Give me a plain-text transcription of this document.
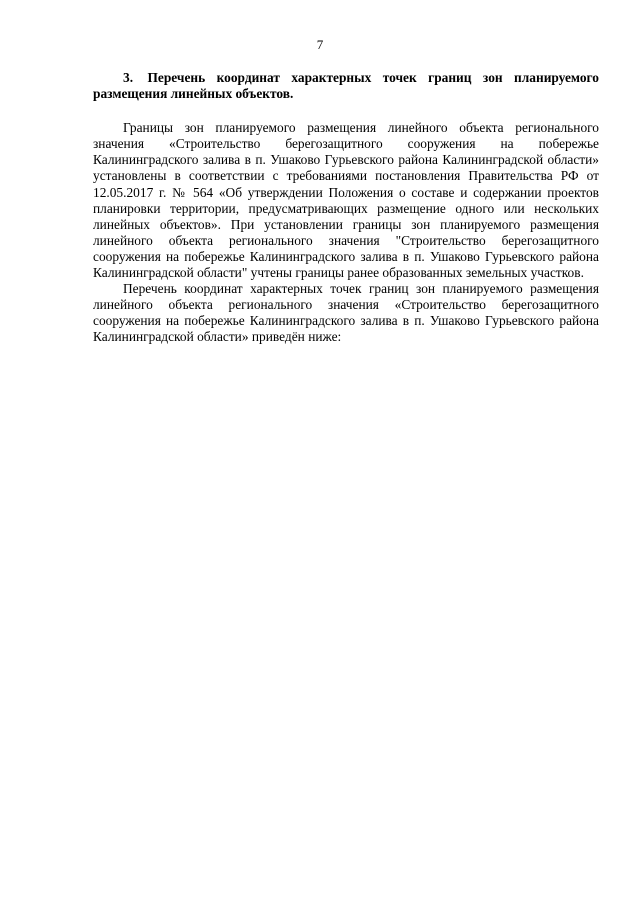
7

3. Перечень координат характерных точек границ зон планируемого размещения линейных объектов.

Границы зон планируемого размещения линейного объекта регионального значения «Строительство берегозащитного сооружения на побережье Калининградского залива в п. Ушаково Гурьевского района Калининградской области» установлены в соответствии с требованиями постановления Правительства РФ от 12.05.2017 г. № 564 «Об утверждении Положения о составе и содержании проектов планировки территории, предусматривающих размещение одного или нескольких линейных объектов». При установлении границы зон планируемого размещения линейного объекта регионального значения "Строительство берегозащитного сооружения на побережье Калининградского залива в п. Ушаково Гурьевского района Калининградской области" учтены границы ранее образованных земельных участков.

Перечень координат характерных точек границ зон планируемого размещения линейного объекта регионального значения «Строительство берегозащитного сооружения на побережье Калининградского залива в п. Ушаково Гурьевского района Калининградской области» приведён ниже:
